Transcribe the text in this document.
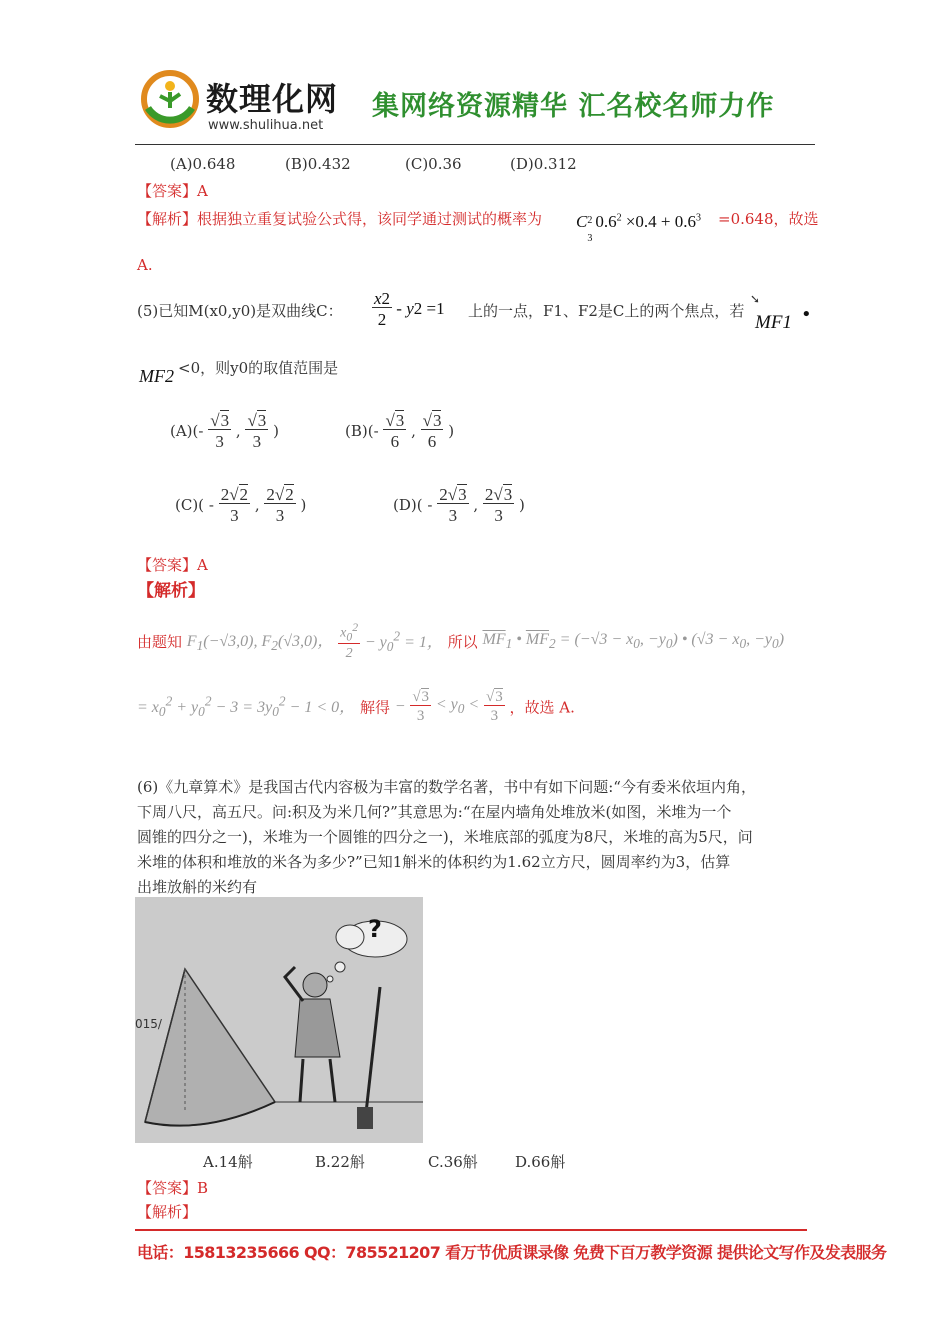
数理化网
www.shulihua.net
集网络资源精华 汇名校名师力作
(A)0.648	(B)0.432	(C)0.36	(D)0.312
【答案】A
【解析】根据独立重复试验公式得，该同学通过测试的概率为 C 2
3
$0.6^2 \times 0.4 + 0.6^3 =0.648$，故选
A.
(5)已知M(x0,y0)是双曲线C： $\frac{x2}{2} - y2 =1$ 上的一点，F1、F2是C上的两个焦点，若
MF1
➘
•
MF2 <0，则y0的取值范围是
$(A)(- \frac{√3}{3}$ , $\frac{√3}{3}$ )	$(B)(- \frac{√3}{6}$ , $\frac{√3}{6}$ )
$(C)( - \frac{2√2}{3}$ , $\frac{2√2}{3}$ )	$(D)( - \frac{2√3}{3}$ , $\frac{2√3}{3}$ )
【答案】A
【解析】
由题知 $F_1(-√3,0)$, $F_2(√3,0)$， $\frac{x_0^2}{2} - y_0^2 = 1$， 所以 $\overline{MF}_1$ • $\overline{MF}_2 = (-√3 - x_0$, $-y_0$) • ($√3 - x_0$, $-y_0$)
= $x_0^2 + y_0^2 - 3 = 3y_0^2 - 1 < 0$， 解得 − $\frac{√3}{3} < y_0 < \frac{√3}{3}$ ，故选 A.
(6)《九章算术》是我国古代内容极为丰富的数学名著，书中有如下问题:“今有委米依垣内角，
下周八尺，高五尺。问:积及为米几何?”其意思为:“在屋内墙角处堆放米(如图，米堆为一个
圆锥的四分之一)，米堆为一个圆锥的四分之一)，米堆底部的弧度为8尺，米堆的高为5尺，问
米堆的体积和堆放的米各为多少?”已知1斛米的体积约为1.62立方尺，圆周率约为3，估算
出堆放斛的米约有
?
015/
A.14斛	B.22斛	C.36斛 D.66斛
【答案】B
【解析】
电话：15813235666 QQ：785521207 看万节优质课录像 免费下百万教学资源 提供论文写作及发表服务
